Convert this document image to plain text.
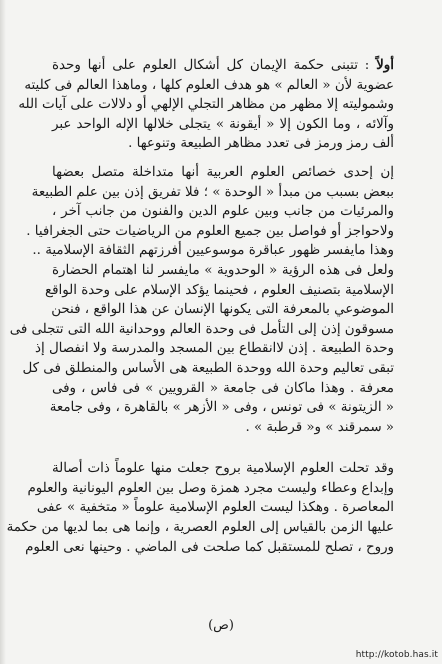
أولاً : تتبنى حكمة الإيمان كل أشكال العلوم على أنها وحدة
عضوية لأن « العالم » هو هدف العلوم كلها ، وماهذا العالم فى كليته
وشموليته إلا مظهر من مظاهر التجلي الإلهي أو دلالات على آيات الله
وآلائه ، وما الكون إلا « أيقونة » يتجلى خلالها الإله الواحد عبر
ألف رمز ورمز فى تعدد مظاهر الطبيعة وتنوعها .
إن إحدى خصائص العلوم العربية أنها متداخلة متصل بعضها
ببعض بسبب من مبدأ « الوحدة » ؛ فلا تفريق إذن بين علم الطبيعة
والمرئيات من جانب وبين علوم الدين والفنون من جانب آخر ،
ولاحواجز أو فواصل بين جميع العلوم من الرياضيات حتى الجغرافيا .
وهذا مايفسر ظهور عباقرة موسوعيين أفرزتهم الثقافة الإسلامية ..
ولعل فى هذه الرؤية « الوحدوية » مايفسر لنا اهتمام الحضارة
الإسلامية بتصنيف العلوم ، فحينما يؤكد الإسلام على وحدة الواقع
الموضوعي بالمعرفة التى يكونها الإنسان عن هذا الواقع ، فنحن
مسوقون إذن إلى التأمل فى وحدة العالم ووحدانية الله التى تتجلى فى
وحدة الطبيعة . إذن لاانقطاع بين المسجد والمدرسة ولا انفصال إذ
تبقى تعاليم وحدة الله ووحدة الطبيعة هى الأساس والمنطلق فى كل
معرفة . وهذا ماكان فى جامعة « القرويين » فى فاس ، وفى
« الزيتونة » فى تونس ، وفى « الأزهر » بالقاهرة ، وفى جامعة
« سمرقند » و« قرطبة » .
وقد تحلت العلوم الإسلامية بروح جعلت منها علوماً ذات أصالة
وإبداع وعطاء وليست مجرد همزة وصل بين العلوم اليونانية والعلوم
المعاصرة . وهكذا ليست العلوم الإسلامية علوماً « متخفية » عفى
عليها الزمن بالقياس إلى العلوم العصرية ، وإنما هى بما لديها من حكمة
وروح ، تصلح للمستقبل كما صلحت فى الماضي . وحينها نعى العلوم
(ص)
http://kotob.has.it
